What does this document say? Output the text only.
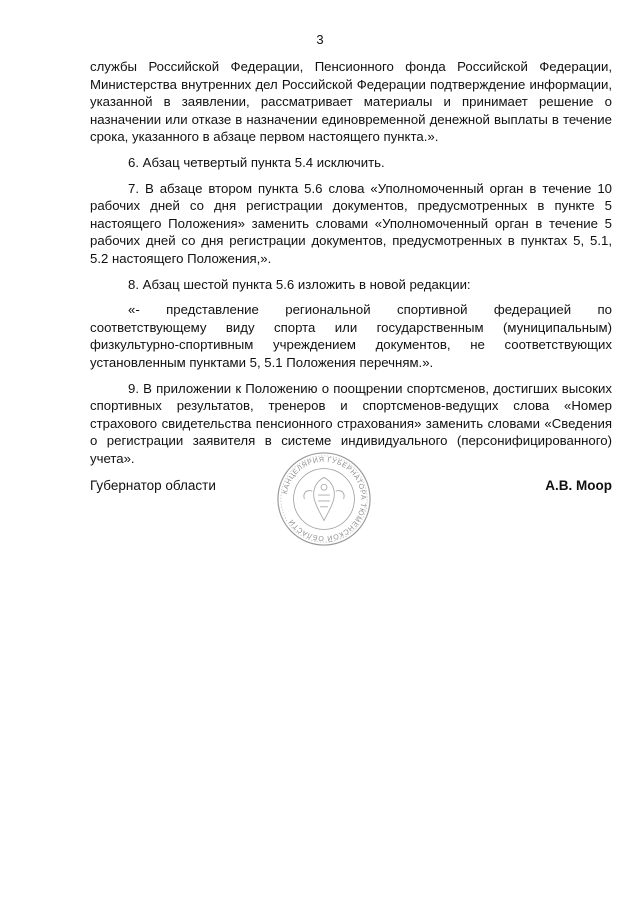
3

службы Российской Федерации, Пенсионного фонда Российской Федерации, Министерства внутренних дел Российской Федерации подтверждение информации, указанной в заявлении, рассматривает материалы и принимает решение о назначении или отказе в назначении единовременной денежной выплаты в течение срока, указанного в абзаце первом настоящего пункта.».

6. Абзац четвертый пункта 5.4 исключить.

7. В абзаце втором пункта 5.6 слова «Уполномоченный орган в течение 10 рабочих дней со дня регистрации документов, предусмотренных в пункте 5 настоящего Положения» заменить словами «Уполномоченный орган в течение 5 рабочих дней со дня регистрации документов, предусмотренных в пунктах 5, 5.1, 5.2 настоящего Положения,».

8. Абзац шестой пункта 5.6 изложить в новой редакции:

«- представление региональной спортивной федерацией по соответствующему виду спорта или государственным (муниципальным) физкультурно-спортивным учреждением документов, не соответствующих установленным пунктами 5, 5.1 Положения перечням.».

9. В приложении к Положению о поощрении спортсменов, достигших высоких спортивных результатов, тренеров и спортсменов-ведущих слова «Номер страхового свидетельства пенсионного страхования» заменить словами «Сведения о регистрации заявителя в системе индивидуального (персонифицированного) учета».

Губернатор области	КАНЦЕЛЯРИЯ ГУБЕРНАТОРА ТЮМЕНСКОЙ ОБЛАСТИ
А.В. Моор
